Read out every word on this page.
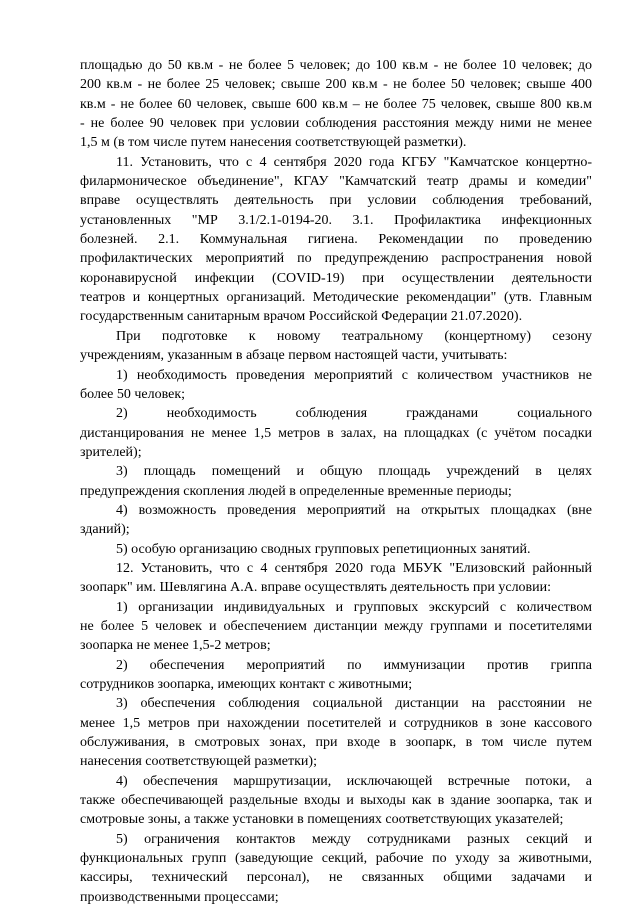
площадью до 50 кв.м - не более 5 человек; до 100 кв.м - не более 10 человек; до
200 кв.м - не более 25 человек; свыше 200 кв.м - не более 50 человек; свыше 400
кв.м - не более 60 человек, свыше 600 кв.м – не более 75 человек, свыше 800 кв.м
- не более 90 человек при условии соблюдения расстояния между ними не менее
1,5 м (в том числе путем нанесения соответствующей разметки).
11. Установить, что с 4 сентября 2020 года КГБУ "Камчатское концертно-
филармоническое объединение", КГАУ "Камчатский театр драмы и комедии"
вправе осуществлять деятельность при условии соблюдения требований,
установленных "МР 3.1/2.1-0194-20. 3.1. Профилактика инфекционных
болезней. 2.1. Коммунальная гигиена. Рекомендации по проведению
профилактических мероприятий по предупреждению распространения новой
коронавирусной инфекции (COVID-19) при осуществлении деятельности
театров и концертных организаций. Методические рекомендации" (утв. Главным
государственным санитарным врачом Российской Федерации 21.07.2020).
При подготовке к новому театральному (концертному) сезону
учреждениям, указанным в абзаце первом настоящей части, учитывать:
1) необходимость проведения мероприятий с количеством участников не
более 50 человек;
2) необходимость соблюдения гражданами социального
дистанцирования не менее 1,5 метров в залах, на площадках (с учётом посадки
зрителей);
3) площадь помещений и общую площадь учреждений в целях
предупреждения скопления людей в определенные временные периоды;
4) возможность проведения мероприятий на открытых площадках (вне
зданий);
5) особую организацию сводных групповых репетиционных занятий.
12. Установить, что с 4 сентября 2020 года МБУК "Елизовский районный
зоопарк" им. Шевлягина А.А. вправе осуществлять деятельность при условии:
1) организации индивидуальных и групповых экскурсий с количеством
не более 5 человек и обеспечением дистанции между группами и посетителями
зоопарка не менее 1,5-2 метров;
2) обеспечения мероприятий по иммунизации против гриппа
сотрудников зоопарка, имеющих контакт с животными;
3) обеспечения соблюдения социальной дистанции на расстоянии не
менее 1,5 метров при нахождении посетителей и сотрудников в зоне кассового
обслуживания, в смотровых зонах, при входе в зоопарк, в том числе путем
нанесения соответствующей разметки);
4) обеспечения маршрутизации, исключающей встречные потоки, а
также обеспечивающей раздельные входы и выходы как в здание зоопарка, так и
смотровые зоны, а также установки в помещениях соответствующих указателей;
5) ограничения контактов между сотрудниками разных секций и
функциональных групп (заведующие секций, рабочие по уходу за животными,
кассиры, технический персонал), не связанных общими задачами и
производственными процессами;
